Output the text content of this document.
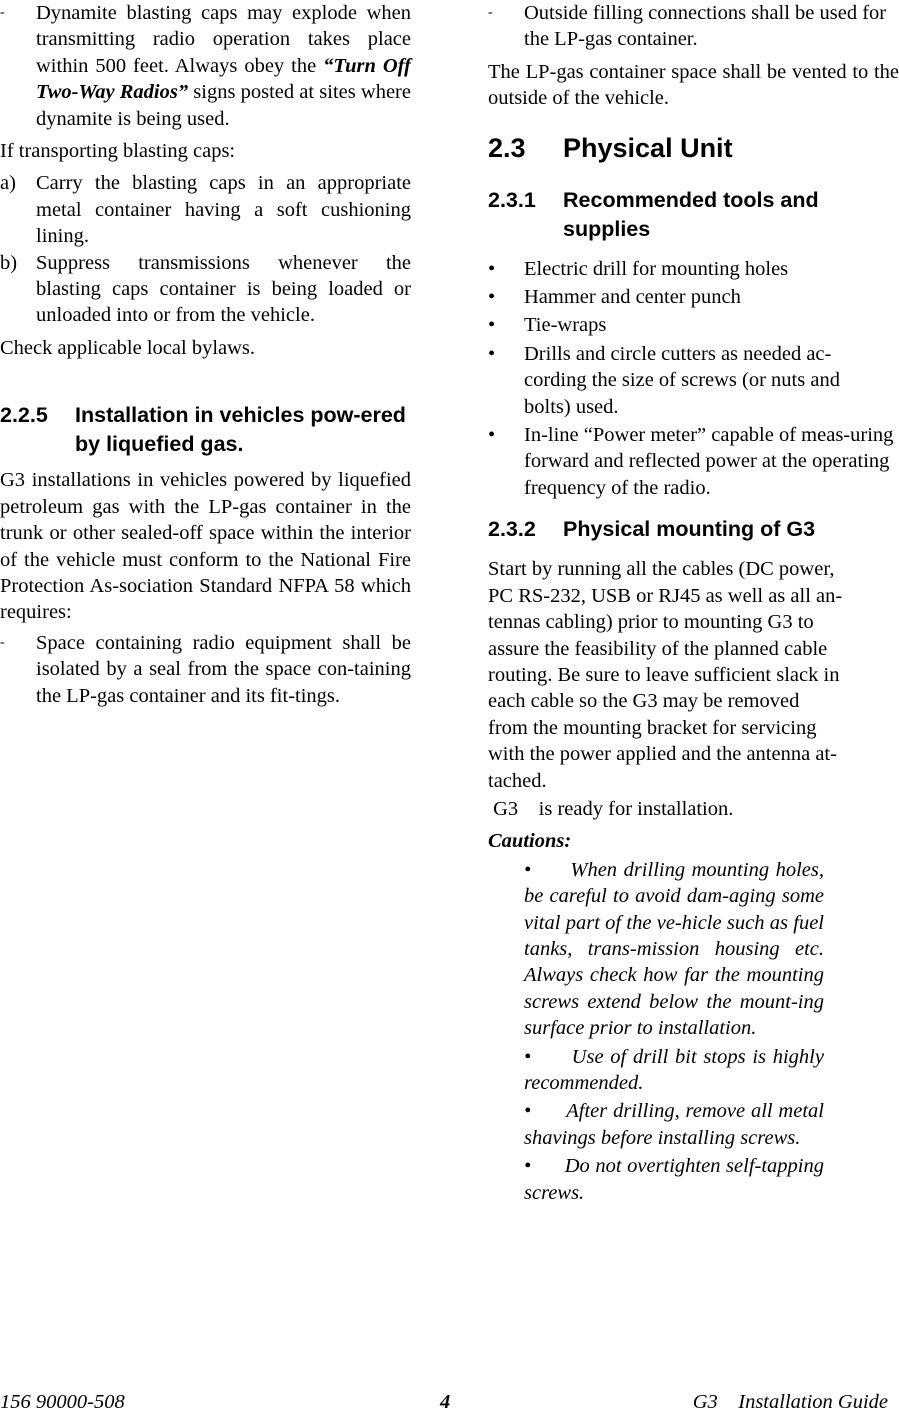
- Dynamite blasting caps may explode when transmitting radio operation takes place within 500 feet. Always obey the “Turn Off Two-Way Radios” signs posted at sites where dynamite is being used.

If transporting blasting caps:

a) Carry the blasting caps in an appropriate metal container having a soft cushioning lining.
b) Suppress transmissions whenever the blasting caps container is being loaded or unloaded into or from the vehicle.

Check applicable local bylaws.

2.2.5 Installation in vehicles pow-ered by liquefied gas.

G3 installations in vehicles powered by liquefied petroleum gas with the LP-gas container in the trunk or other sealed-off space within the interior of the vehicle must conform to the National Fire Protection As-sociation Standard NFPA 58 which requires:

- Space containing radio equipment shall be isolated by a seal from the space con-taining the LP-gas container and its fit-tings.
- Outside filling connections shall be used for the LP-gas container.

The LP-gas container space shall be vented to the outside of the vehicle.

2.3 Physical Unit
2.3.1 Recommended tools and supplies
• Electric drill for mounting holes
• Hammer and center punch
• Tie-wraps
• Drills and circle cutters as needed ac-cording the size of screws (or nuts and bolts) used.
• In-line “Power meter” capable of meas-uring forward and reflected power at the operating frequency of the radio.
2.3.2 Physical mounting of G3
Start by running all the cables (DC power,
PC RS-232, USB or RJ45 as well as all an-
tennas cabling) prior to mounting G3 to
assure the feasibility of the planned cable
routing. Be sure to leave sufficient slack in
each cable so the G3 may be removed
from the mounting bracket for servicing
with the power applied and the antenna at-
tached.

G3    is ready for installation.

Cautions:

•      When drilling mounting holes, be careful to avoid dam-aging some vital part of the ve-hicle such as fuel tanks, trans-mission housing etc. Always check how far the mounting screws extend below the mount-ing surface prior to installation.

•      Use of drill bit stops is highly recommended.

•      After drilling, remove all metal shavings before installing screws.

•      Do not overtighten self-tapping screws.

156 90000-508	4	G3    Installation Guide
